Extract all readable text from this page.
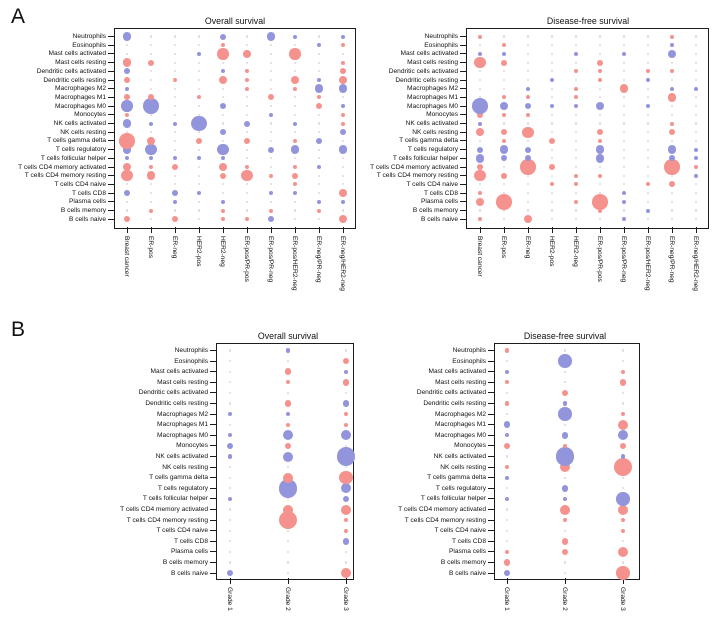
A
B
Overall survival
Neutrophils
Eosinophils
Mast cells activated
Mast cells resting
Dendritic cells activated
Dendritic cells resting
Macrophages M2
Macrophages M1
Macrophages M0
Monocytes
NK cells activated
NK cells resting
T cells gamma delta
T cells regulatory
T cells follicular helper
T cells CD4 memory activated
T cells CD4 memory resting
T cells CD4 naive
T cells CD8
Plasma cells
B cells memory
B cells naive
Breast cancer	ER-pos	ER-neg	HER2-pos	HER2-neg	ER-pos/PR-pos	ER-pos/PR-neg	ER-pos/HER2-neg	ER-neg/PR-neg	ER-neg/HER2-neg
Disease-free survival
Neutrophils
Eosinophils
Mast cells activated
Mast cells resting
Dendritic cells activated
Dendritic cells resting
Macrophages M2
Macrophages M1
Macrophages M0
Monocytes
NK cells activated
NK cells resting
T cells gamma delta
T cells regulatory
T cells follicular helper
T cells CD4 memory activated
T cells CD4 memory resting
T cells CD4 naive
T cells CD8
Plasma cells
B cells memory
B cells naive
Breast cancer	ER-pos	ER-neg	HER2-pos	HER2-neg	ER-pos/PR-pos	ER-pos/PR-neg	ER-pos/HER2-neg	ER-neg/PR-neg	ER-neg/HER2-neg
Overall survival
Neutrophils
Eosinophils
Mast cells activated
Mast cells resting
Dendritic cells activated
Dendritic cells resting
Macrophages M2
Macrophages M1
Macrophages M0
Monocytes
NK cells activated
NK cells resting
T cells gamma delta
T cells regulatory
T cells follicular helper
T cells CD4 memory activated
T cells CD4 memory resting
T cells CD4 naive
T cells CD8
Plasma cells
B cells memory
B cells naive
Grade 1	Grade 2	Grade 3
Disease-free survival
Neutrophils
Eosinophils
Mast cells activated
Mast cells resting
Dendritic cells activated
Dendritic cells resting
Macrophages M2
Macrophages M1
Macrophages M0
Monocytes
NK cells activated
NK cells resting
T cells gamma delta
T cells regulatory
T cells follicular helper
T cells CD4 memory activated
T cells CD4 memory resting
T cells CD4 naive
T cells CD8
Plasma cells
B cells memory
B cells naive
Grade 1	Grade 2	Grade 3
